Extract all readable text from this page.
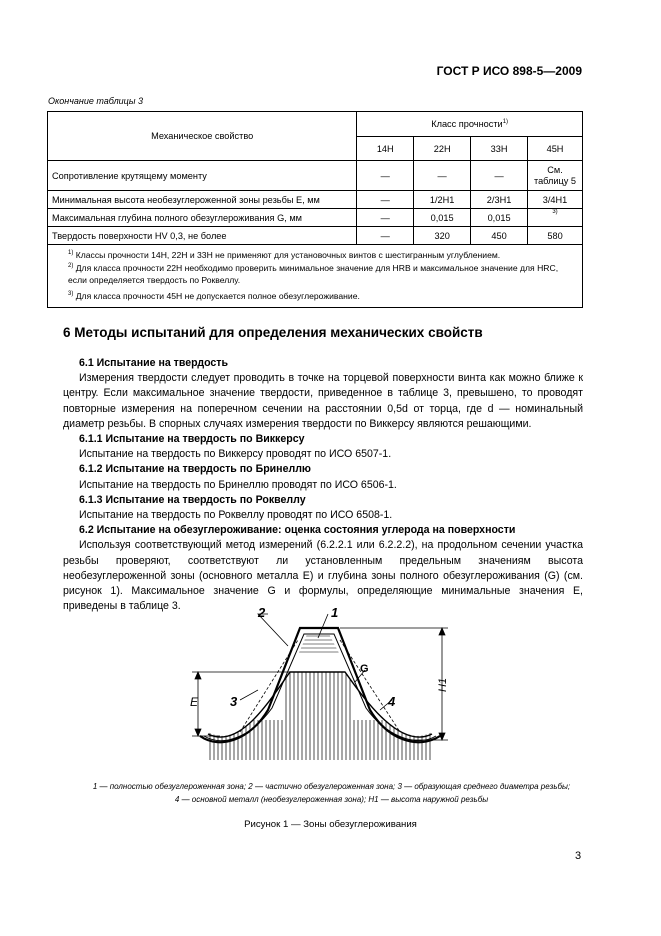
ГОСТ Р ИСО 898-5—2009
Окончание таблицы 3
Механическое свойство	Класс прочности$^{1)}$
	14H	22H	33H	45H
Сопротивление крутящему моменту	—	—	—	См. таблицу 5
Минимальная высота необезуглероженной зоны резьбы E, мм	—	1/2H1	2/3H1	3/4H1
Максимальная глубина полного обезуглероживания G, мм	—	0,015	0,015	3)
Твердость поверхности HV 0,3, не более	—	320	450	580

$^{1)}$ Классы прочности 14H, 22H и 33H не применяют для установочных винтов с шестигранным углублением.

$^{2)}$ Для класса прочности 22H необходимо проверить минимальное значение для HRB и максимальное значение для HRC, если определяется твердость по Роквеллу.

$^{3)}$ Для класса прочности 45H не допускается полное обезуглероживание.				

6 Методы испытаний для определения механических свойств

6.1 Испытание на твердость

Измерения твердости следует проводить в точке на торцевой поверхности винта как можно ближе к центру. Если максимальное значение твердости, приведенное в таблице 3, превышено, то проводят повторные измерения на поперечном сечении на расстоянии 0,5d от торца, где d — номинальный диаметр резьбы. В спорных случаях измерения твердости по Виккерсу являются решающими.

6.1.1 Испытание на твердость по Виккерсу

Испытание на твердость по Виккерсу проводят по ИСО 6507-1.

6.1.2 Испытание на твердость по Бринеллю

Испытание на твердость по Бринеллю проводят по ИСО 6506-1.

6.1.3 Испытание на твердость по Роквеллу

Испытание на твердость по Роквеллу проводят по ИСО 6508-1.

6.2 Испытание на обезуглероживание: оценка состояния углерода на поверхности

Используя соответствующий метод измерений (6.2.2.1 или 6.2.2.2), на продольном сечении участка резьбы проверяют, соответствуют ли установленным предельным значениям высота необезуглероженной зоны (основного металла E) и глубина зоны полного обезуглероживания (G) (см. рисунок 1). Максимальное значение G и формулы, определяющие минимальные значения E, приведены в таблице 3.	2	1
G
3	4
E
H1
1 — полностью обезуглероженная зона; 2 — частично обезуглероженная зона; 3 — образующая среднего диаметра резьбы;
4 — основной металл (необезуглероженная зона); H1 — высота наружной резьбы
Рисунок 1 — Зоны обезуглероживания
3
